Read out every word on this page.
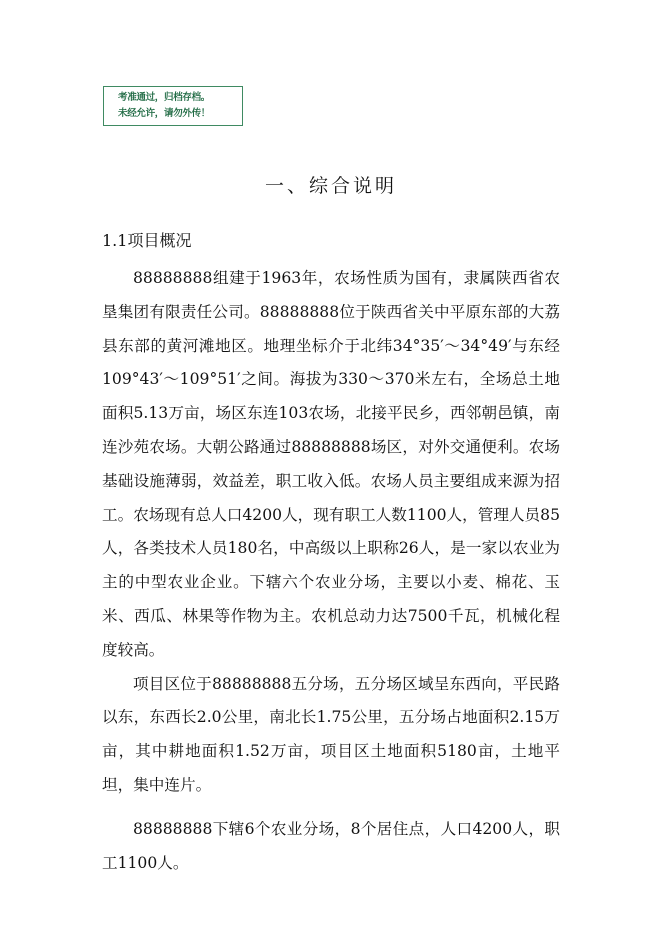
考准通过，归档存档。
未经允许，请勿外传！
一、综合说明
1.1项目概况

88888888组建于1963年，农场性质为国有，隶属陕西省农垦集团有限责任公司。88888888位于陕西省关中平原东部的大荔县东部的黄河滩地区。地理坐标介于北纬34°35′～34°49′与东经109°43′～109°51′之间。海拔为330～370米左右，全场总土地面积5.13万亩，场区东连103农场，北接平民乡，西邻朝邑镇，南连沙苑农场。大朝公路通过88888888场区，对外交通便利。农场基础设施薄弱，效益差，职工收入低。农场人员主要组成来源为招工。农场现有总人口4200人，现有职工人数1100人，管理人员85人，各类技术人员180名，中高级以上职称26人，是一家以农业为主的中型农业企业。下辖六个农业分场，主要以小麦、棉花、玉米、西瓜、林果等作物为主。农机总动力达7500千瓦，机械化程度较高。

项目区位于88888888五分场，五分场区域呈东西向，平民路以东，东西长2.0公里，南北长1.75公里，五分场占地面积2.15万亩，其中耕地面积1.52万亩，项目区土地面积5180亩，土地平坦，集中连片。

88888888下辖6个农业分场，8个居住点，人口4200人，职工1100人。
